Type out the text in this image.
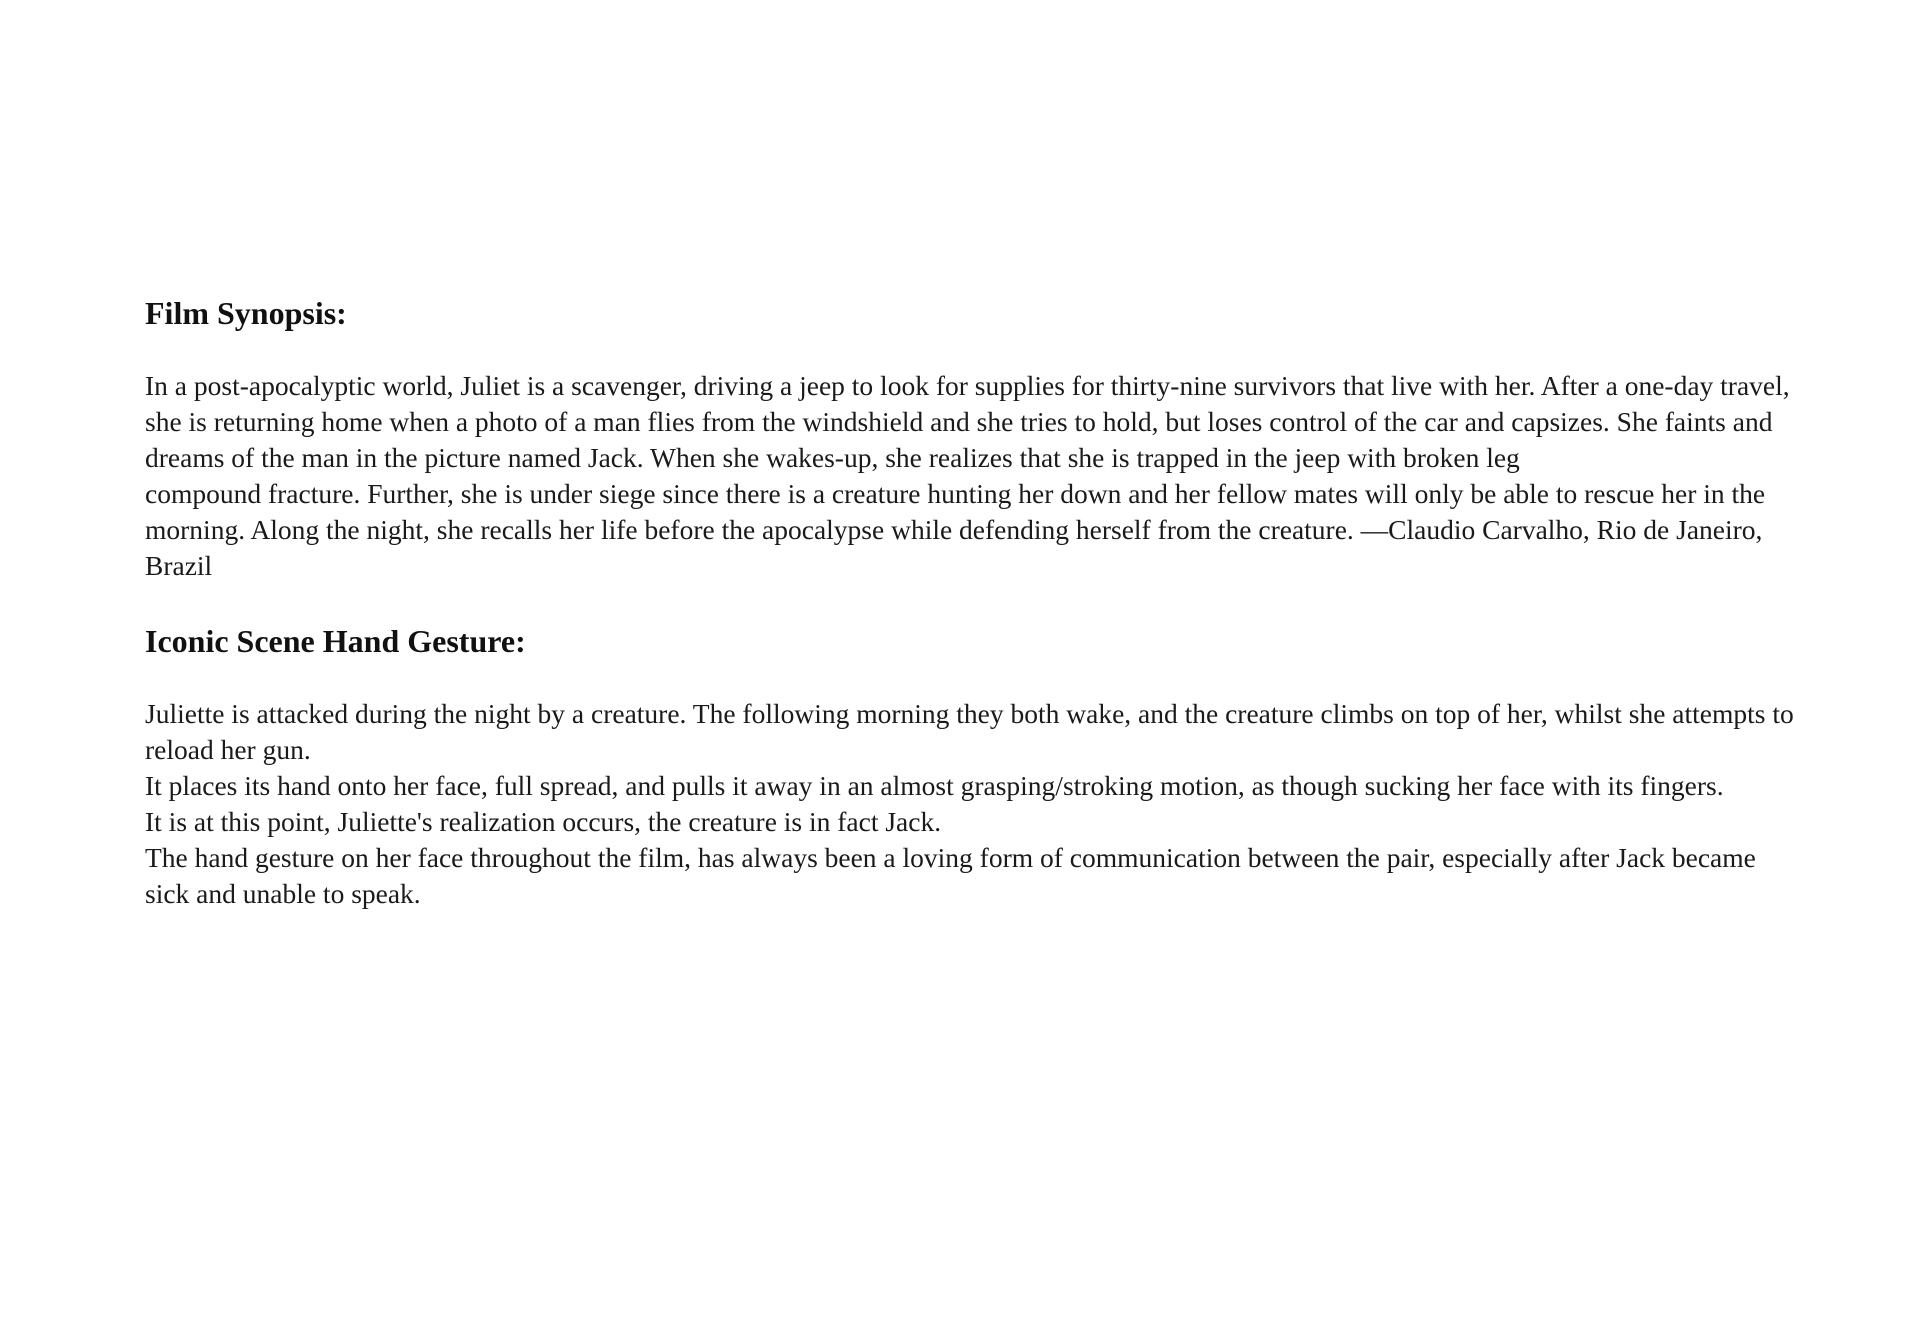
Film Synopsis:
In a post-apocalyptic world, Juliet is a scavenger, driving a jeep to look for supplies for thirty-nine survivors that live with her. After a one-day travel, she is returning home when a photo of a man flies from the windshield and she tries to hold, but loses control of the car and capsizes. She faints and dreams of the man in the picture named Jack. When she wakes-up, she realizes that she is trapped in the jeep with broken leg
compound fracture. Further, she is under siege since there is a creature hunting her down and her fellow mates will only be able to rescue her in the morning. Along the night, she recalls her life before the apocalypse while defending herself from the creature. —Claudio Carvalho, Rio de Janeiro, Brazil
Iconic Scene Hand Gesture:
Juliette is attacked during the night by a creature. The following morning they both wake, and the creature climbs on top of her, whilst she attempts to reload her gun.
It places its hand onto her face, full spread, and pulls it away in an almost grasping/stroking motion, as though sucking her face with its fingers.
It is at this point, Juliette's realization occurs, the creature is in fact Jack.
The hand gesture on her face throughout the film, has always been a loving form of communication between the pair, especially after Jack became sick and unable to speak.
